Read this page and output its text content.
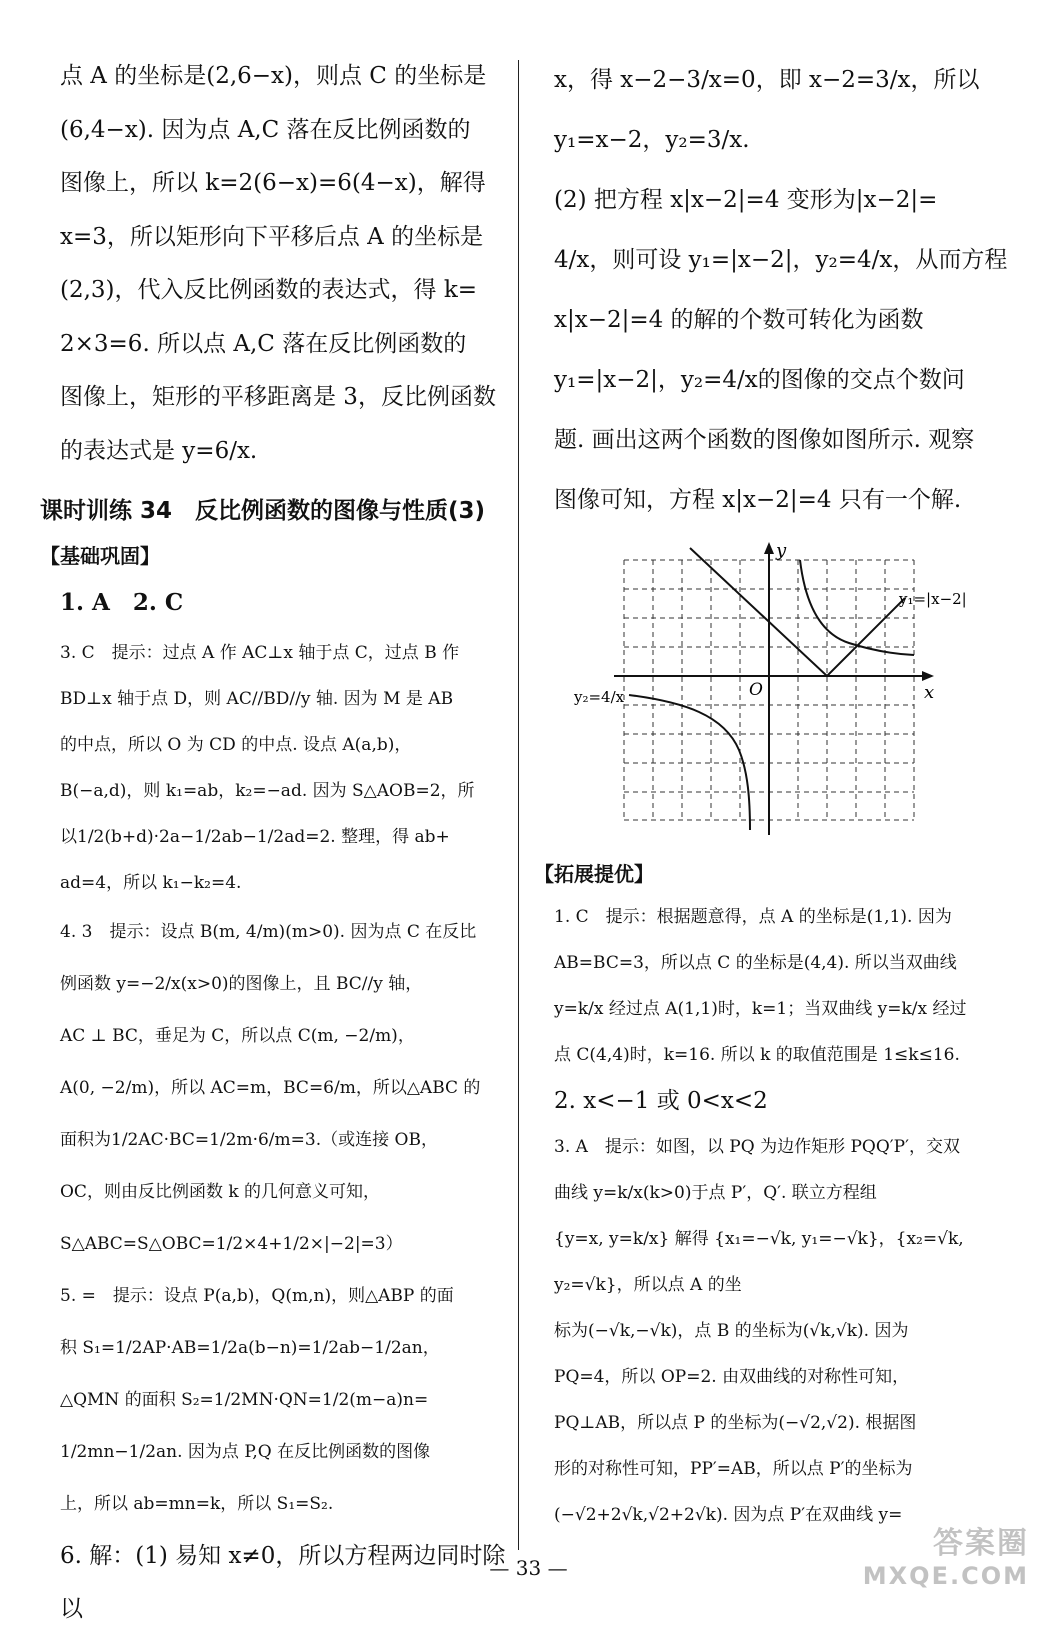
点 A 的坐标是(2,6−x)，则点 C 的坐标是

(6,4−x). 因为点 A,C 落在反比例函数的

图像上，所以 k=2(6−x)=6(4−x)，解得

x=3，所以矩形向下平移后点 A 的坐标是

(2,3)，代入反比例函数的表达式，得 k=

2×3=6. 所以点 A,C 落在反比例函数的

图像上，矩形的平移距离是 3，反比例函数

的表达式是 y=6/x.

课时训练 34　反比例函数的图像与性质(3)

【基础巩固】

1. A　2. C

3. C　提示：过点 A 作 AC⊥x 轴于点 C，过点 B 作

BD⊥x 轴于点 D，则 AC//BD//y 轴. 因为 M 是 AB

的中点，所以 O 为 CD 的中点. 设点 A(a,b)，

B(−a,d)，则 k₁=ab，k₂=−ad. 因为 S△AOB=2，所

以1/2(b+d)·2a−1/2ab−1/2ad=2. 整理，得 ab+

ad=4，所以 k₁−k₂=4.

4. 3　提示：设点 B(m, 4/m)(m>0). 因为点 C 在反比

例函数 y=−2/x(x>0)的图像上，且 BC//y 轴，

AC ⊥ BC，垂足为 C，所以点 C(m, −2/m)，

A(0, −2/m)，所以 AC=m，BC=6/m，所以△ABC 的

面积为1/2AC·BC=1/2m·6/m=3.（或连接 OB，

OC，则由反比例函数 k 的几何意义可知，

S△ABC=S△OBC=1/2×4+1/2×|−2|=3）

5. =　提示：设点 P(a,b)，Q(m,n)，则△ABP 的面

积 S₁=1/2AP·AB=1/2a(b−n)=1/2ab−1/2an，

△QMN 的面积 S₂=1/2MN·QN=1/2(m−a)n=

1/2mn−1/2an. 因为点 P,Q 在反比例函数的图像

上，所以 ab=mn=k，所以 S₁=S₂.

6. 解：(1) 易知 x≠0，所以方程两边同时除以

x，得 x−2−3/x=0，即 x−2=3/x，所以

y₁=x−2，y₂=3/x.

(2) 把方程 x|x−2|=4 变形为|x−2|=

4/x，则可设 y₁=|x−2|，y₂=4/x，从而方程

x|x−2|=4 的解的个数可转化为函数

y₁=|x−2|，y₂=4/x的图像的交点个数问

题. 画出这两个函数的图像如图所示. 观察

图像可知，方程 x|x−2|=4 只有一个解.

y
x
O
y₁=|x−2|
y₂=4/x

【拓展提优】

1. C　提示：根据题意得，点 A 的坐标是(1,1). 因为

AB=BC=3，所以点 C 的坐标是(4,4). 所以当双曲线

y=k/x 经过点 A(1,1)时，k=1；当双曲线 y=k/x 经过

点 C(4,4)时，k=16. 所以 k 的取值范围是 1≤k≤16.

2. x<−1 或 0<x<2

3. A　提示：如图，以 PQ 为边作矩形 PQQ′P′，交双

曲线 y=k/x(k>0)于点 P′，Q′. 联立方程组

{y=x, y=k/x} 解得 {x₁=−√k, y₁=−√k}，{x₂=√k, y₂=√k}，所以点 A 的坐

标为(−√k,−√k)，点 B 的坐标为(√k,√k). 因为

PQ=4，所以 OP=2. 由双曲线的对称性可知，

PQ⊥AB，所以点 P 的坐标为(−√2,√2). 根据图

形的对称性可知，PP′=AB，所以点 P′的坐标为

(−√2+2√k,√2+2√k). 因为点 P′在双曲线 y=

— 33 —
答案圈
MXQE.COM
